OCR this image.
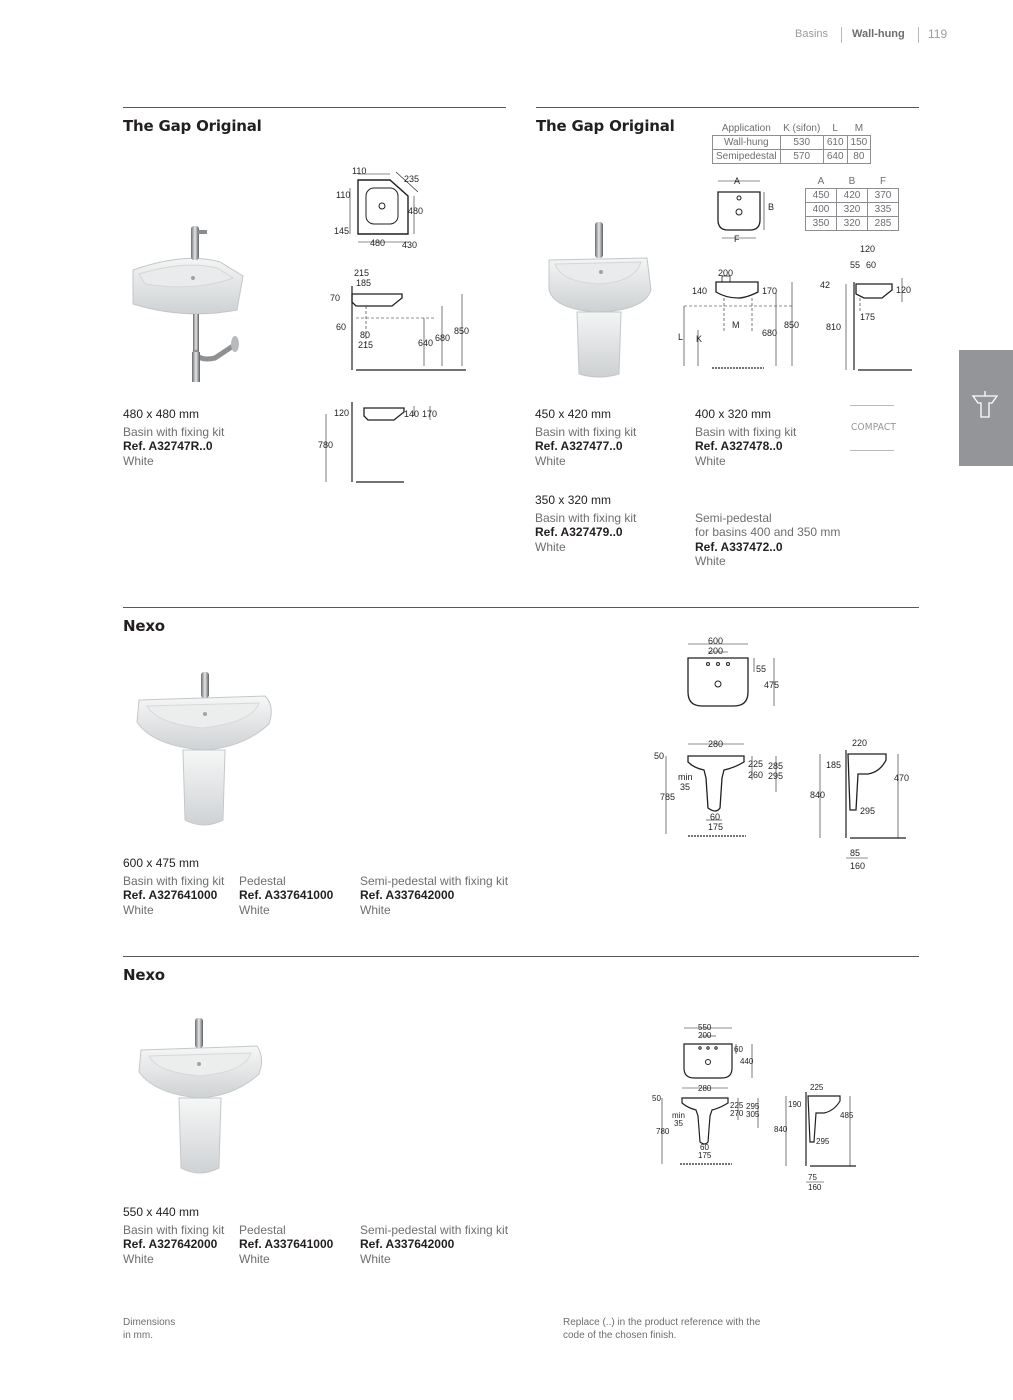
Basins Wall-hung 119
The Gap Original
110
235
110
480
145
480 430
215
185
70
60
80
215	640 680
850
120	140 170
780
480 x 480 mm
Basin with fixing kit
Ref. A32747R..0
White
The Gap Original	Application	K (sifon)	L	M
Wall-hung	530	610	150
Semipedestal	570	640	80
A
B
F
A	B	F
450	420	370
400	320	335
350	320	285
200
140	170
M
680
850
L K
120
55 60
42	120
175
810
COMPACT
450 x 420 mm
Basin with fixing kit
Ref. A327477..0
White
400 x 320 mm
Basin with fixing kit
Ref. A327478..0
White
350 x 320 mm
Basin with fixing kit
Ref. A327479..0
White
Semi-pedestal
for basins 400 and 350 mm
Ref. A337472..0
White
Nexo
600
200
55
475
280
50
225 285
260 295
min
35
785
60
175
220
185
470
840
295
85
160
600 x 475 mm
Basin with fixing kit
Ref. A327641000
White
Pedestal
Ref. A337641000
White
Semi-pedestal with fixing kit
Ref. A337642000
White
Nexo
550
200
60
440
280
50
225 295
270 305
min
35
780
60
175
225
190
485
840
295
75
160
550 x 440 mm
Basin with fixing kit
Ref. A327642000
White
Pedestal
Ref. A337641000
White
Semi-pedestal with fixing kit
Ref. A337642000
White
Dimensions
in mm.
Replace (..) in the product reference with the
code of the chosen finish.
